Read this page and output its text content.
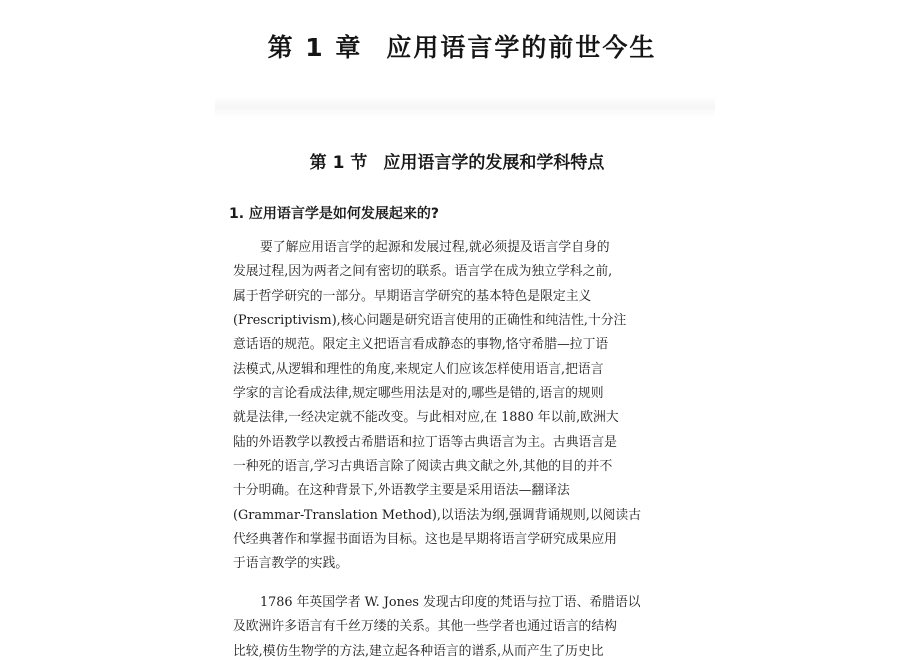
第 1 章 应用语言学的前世今生
第 1 节 应用语言学的发展和学科特点
1. 应用语言学是如何发展起来的?
要了解应用语言学的起源和发展过程,就必须提及语言学自身的
发展过程,因为两者之间有密切的联系。语言学在成为独立学科之前,
属于哲学研究的一部分。早期语言学研究的基本特色是限定主义
(Prescriptivism),核心问题是研究语言使用的正确性和纯洁性,十分注
意话语的规范。限定主义把语言看成静态的事物,恪守希腊—拉丁语
法模式,从逻辑和理性的角度,来规定人们应该怎样使用语言,把语言
学家的言论看成法律,规定哪些用法是对的,哪些是错的,语言的规则
就是法律,一经决定就不能改变。与此相对应,在 1880 年以前,欧洲大
陆的外语教学以教授古希腊语和拉丁语等古典语言为主。古典语言是
一种死的语言,学习古典语言除了阅读古典文献之外,其他的目的并不
十分明确。在这种背景下,外语教学主要是采用语法—翻译法
(Grammar-Translation Method),以语法为纲,强调背诵规则,以阅读古
代经典著作和掌握书面语为目标。这也是早期将语言学研究成果应用
于语言教学的实践。
1786 年英国学者 W. Jones 发现古印度的梵语与拉丁语、希腊语以
及欧洲许多语言有千丝万缕的关系。其他一些学者也通过语言的结构
比较,模仿生物学的方法,建立起各种语言的谱系,从而产生了历史比
